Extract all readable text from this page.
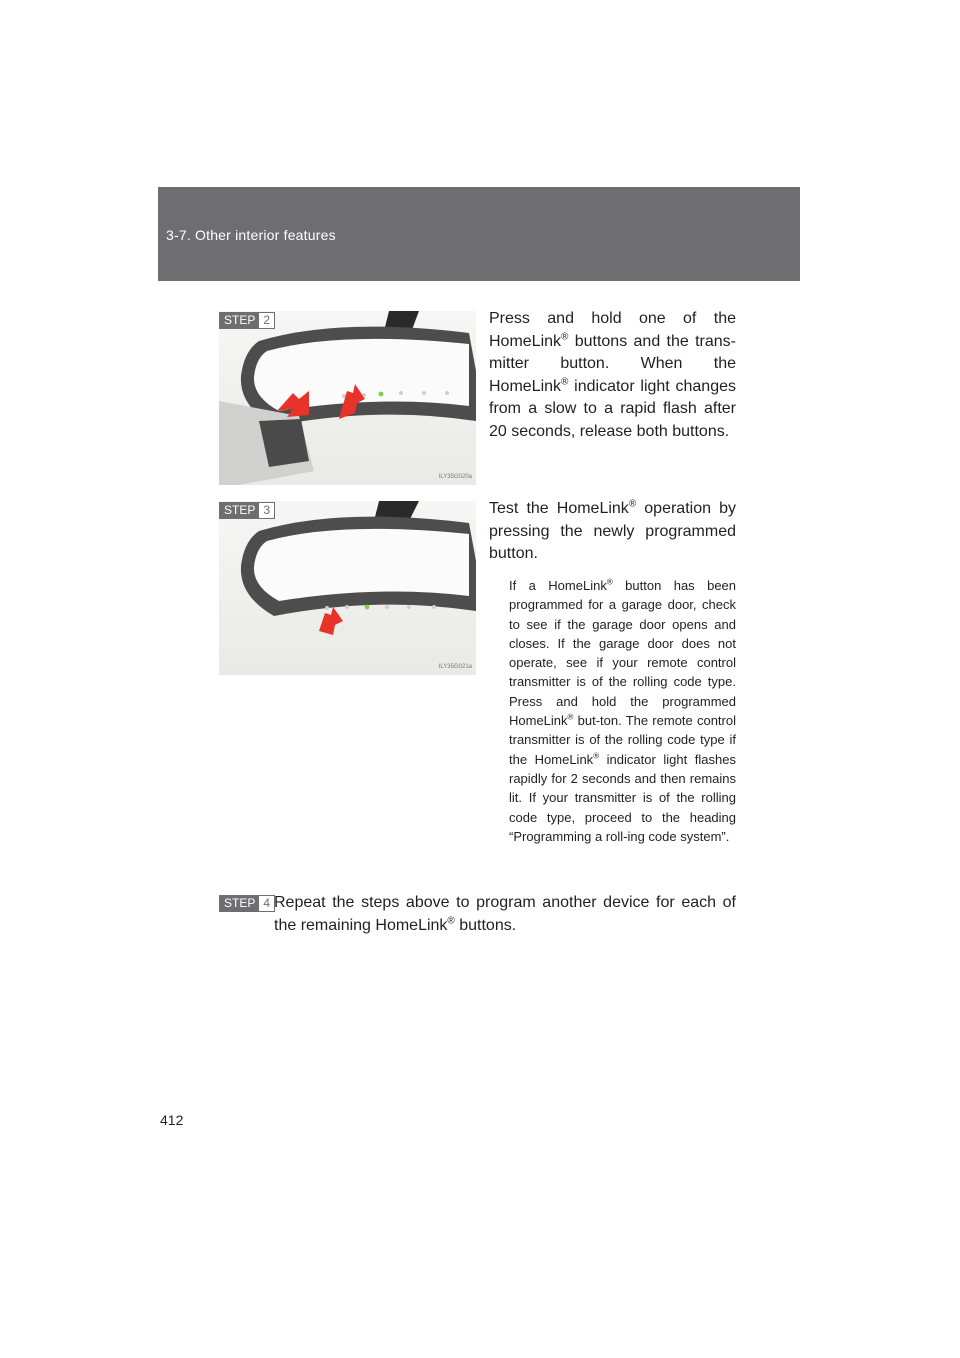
3-7. Other interior features
ILY35G020a
STEP 2	Press and hold one of the HomeLink® buttons and the trans-mitter button. When the HomeLink® indicator light changes from a slow to a rapid flash after 20 seconds, release both buttons.

ILY35G021a
STEP 3	Test the HomeLink® operation by pressing the newly programmed button.

If a HomeLink® button has been programmed for a garage door, check to see if the garage door opens and closes. If the garage door does not operate, see if your remote control transmitter is of the rolling code type. Press and hold the programmed HomeLink® but-ton. The remote control transmitter is of the rolling code type if the HomeLink® indicator light flashes rapidly for 2 seconds and then remains lit. If your transmitter is of the rolling code type, proceed to the heading “Programming a roll-ing code system”.

STEP 4 Repeat the steps above to program another device for each of the remaining HomeLink® buttons.

412
